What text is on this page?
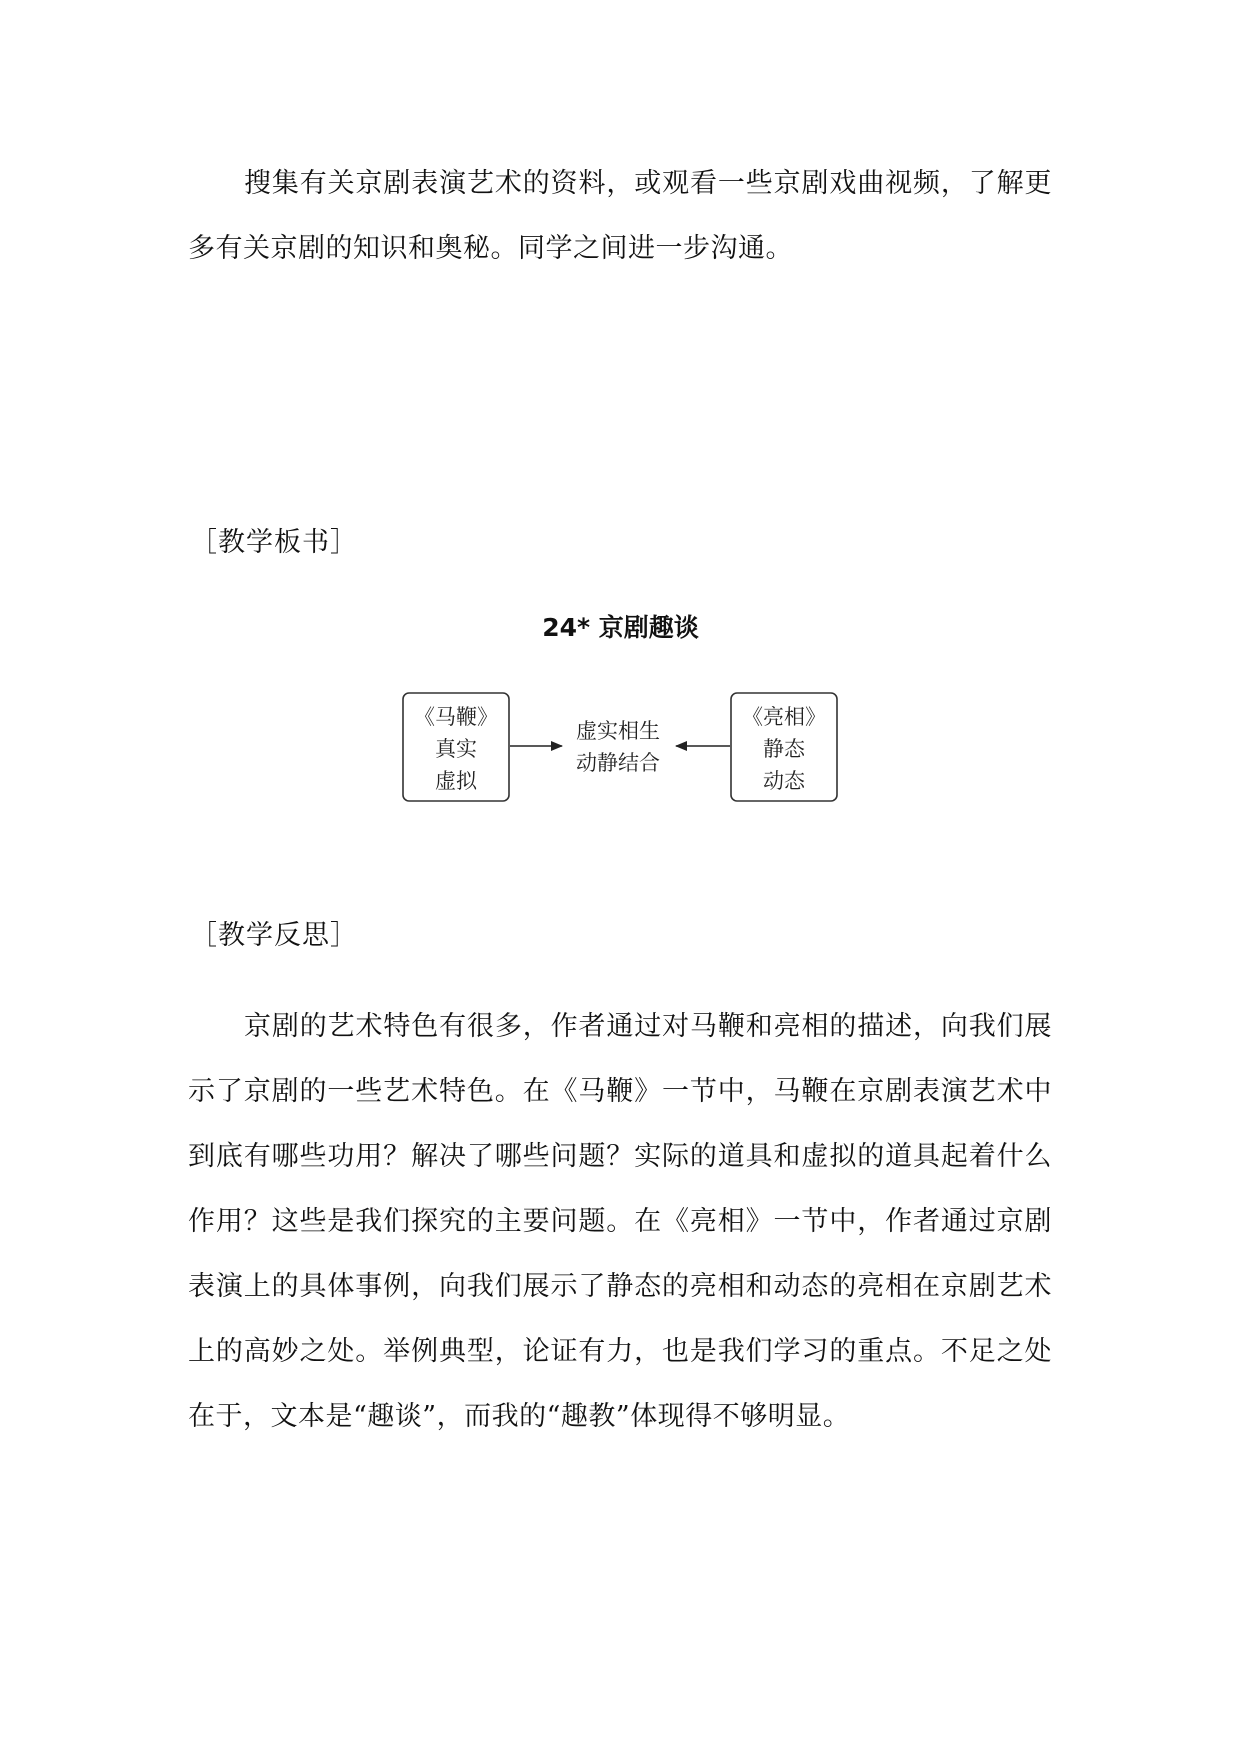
搜集有关京剧表演艺术的资料，或观看一些京剧戏曲视频，了解更多有关京剧的知识和奥秘。同学之间进一步沟通。

［教学板书］
24* 京剧趣谈
《马鞭》
真实
虚拟
虚实相生
动静结合
《亮相》
静态
动态
［教学反思］

京剧的艺术特色有很多，作者通过对马鞭和亮相的描述，向我们展示了京剧的一些艺术特色。在《马鞭》一节中，马鞭在京剧表演艺术中到底有哪些功用？解决了哪些问题？实际的道具和虚拟的道具起着什么作用？这些是我们探究的主要问题。在《亮相》一节中，作者通过京剧表演上的具体事例，向我们展示了静态的亮相和动态的亮相在京剧艺术上的高妙之处。举例典型，论证有力，也是我们学习的重点。不足之处在于，文本是“趣谈”，而我的“趣教”体现得不够明显。
